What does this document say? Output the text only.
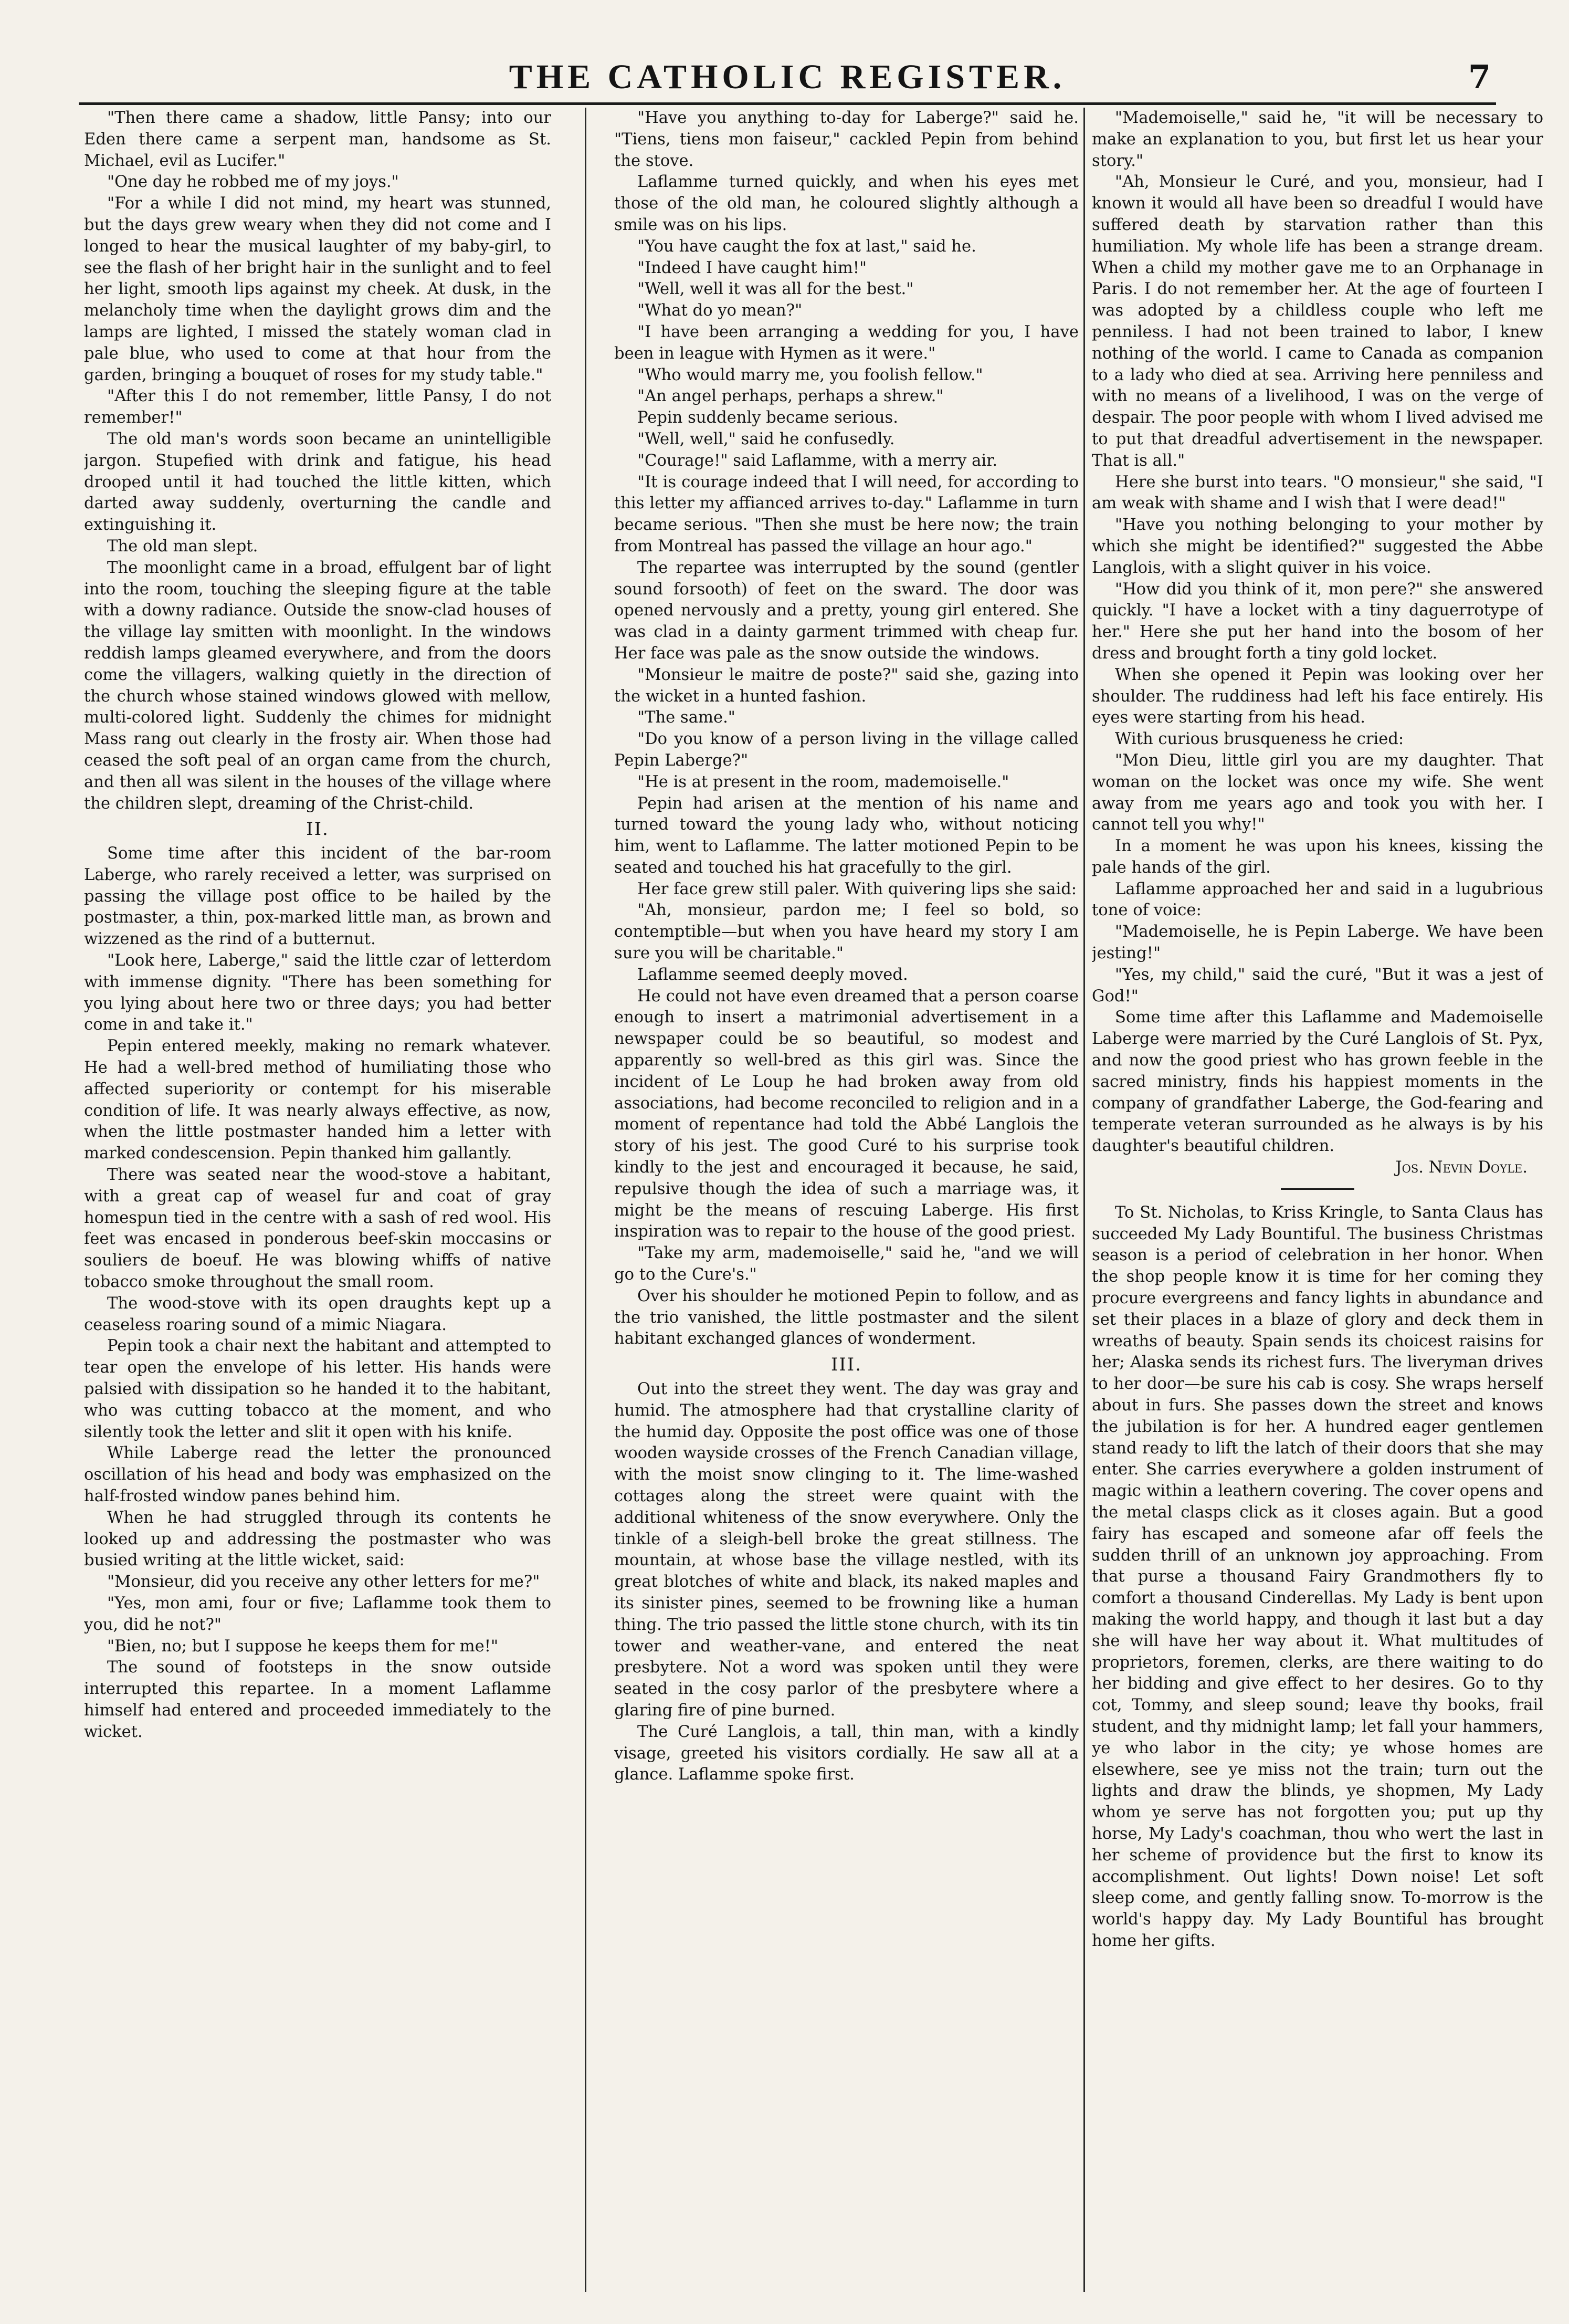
THE CATHOLIC REGISTER.	7

"Then there came a shadow, little Pansy; into our Eden there came a serpent man, handsome as St. Michael, evil as Lucifer."

"One day he robbed me of my joys."

"For a while I did not mind, my heart was stunned, but the days grew weary when they did not come and I longed to hear the musical laughter of my baby-girl, to see the flash of her bright hair in the sunlight and to feel her light, smooth lips against my cheek. At dusk, in the melancholy time when the daylight grows dim and the lamps are lighted, I missed the stately woman clad in pale blue, who used to come at that hour from the garden, bringing a bouquet of roses for my study table."

"After this I do not remember, little Pansy, I do not remember!"

The old man's words soon became an unintelligible jargon. Stupefied with drink and fatigue, his head drooped until it had touched the little kitten, which darted away suddenly, overturning the candle and extinguishing it.

The old man slept.

The moonlight came in a broad, effulgent bar of light into the room, touching the sleeping figure at the table with a downy radiance. Outside the snow-clad houses of the village lay smitten with moonlight. In the windows reddish lamps gleamed everywhere, and from the doors come the villagers, walking quietly in the direction of the church whose stained windows glowed with mellow, multi-colored light. Suddenly the chimes for midnight Mass rang out clearly in the frosty air. When those had ceased the soft peal of an organ came from the church, and then all was silent in the houses of the village where the children slept, dreaming of the Christ-child.

II.

Some time after this incident of the bar-room Laberge, who rarely received a letter, was surprised on passing the village post office to be hailed by the postmaster, a thin, pox-marked little man, as brown and wizzened as the rind of a butternut.

"Look here, Laberge," said the little czar of letterdom with immense dignity. "There has been something for you lying about here two or three days; you had better come in and take it."

Pepin entered meekly, making no remark whatever. He had a well-bred method of humiliating those who affected superiority or contempt for his miserable condition of life. It was nearly always effective, as now, when the little postmaster handed him a letter with marked condescension. Pepin thanked him gallantly.

There was seated near the wood-stove a habitant, with a great cap of weasel fur and coat of gray homespun tied in the centre with a sash of red wool. His feet was encased in ponderous beef-skin moccasins or souliers de boeuf. He was blowing whiffs of native tobacco smoke throughout the small room.

The wood-stove with its open draughts kept up a ceaseless roaring sound of a mimic Niagara.

Pepin took a chair next the habitant and attempted to tear open the envelope of his letter. His hands were palsied with dissipation so he handed it to the habitant, who was cutting tobacco at the moment, and who silently took the letter and slit it open with his knife.

While Laberge read the letter the pronounced oscillation of his head and body was emphasized on the half-frosted window panes behind him.

When he had struggled through its contents he looked up and addressing the postmaster who was busied writing at the little wicket, said:

"Monsieur, did you receive any other letters for me?"

"Yes, mon ami, four or five; Laflamme took them to you, did he not?"

"Bien, no; but I suppose he keeps them for me!"

The sound of footsteps in the snow outside interrupted this repartee. In a moment Laflamme himself had entered and proceeded immediately to the wicket.

"Have you anything to-day for Laberge?" said he. "Tiens, tiens mon faiseur," cackled Pepin from behind the stove.

Laflamme turned quickly, and when his eyes met those of the old man, he coloured slightly although a smile was on his lips.

"You have caught the fox at last," said he.

"Indeed I have caught him!"

"Well, well it was all for the best."

"What do yo mean?"

"I have been arranging a wedding for you, I have been in league with Hymen as it were."

"Who would marry me, you foolish fellow."

"An angel perhaps, perhaps a shrew."

Pepin suddenly became serious.

"Well, well," said he confusedly.

"Courage!" said Laflamme, with a merry air.

"It is courage indeed that I will need, for according to this letter my affianced arrives to-day." Laflamme in turn became serious. "Then she must be here now; the train from Montreal has passed the village an hour ago."

The repartee was interrupted by the sound (gentler sound forsooth) of feet on the sward. The door was opened nervously and a pretty, young girl entered. She was clad in a dainty garment trimmed with cheap fur. Her face was pale as the snow outside the windows.

"Monsieur le maitre de poste?" said she, gazing into the wicket in a hunted fashion.

"The same."

"Do you know of a person living in the village called Pepin Laberge?"

"He is at present in the room, mademoiselle."

Pepin had arisen at the mention of his name and turned toward the young lady who, without noticing him, went to Laflamme. The latter motioned Pepin to be seated and touched his hat gracefully to the girl.

Her face grew still paler. With quivering lips she said:

"Ah, monsieur, pardon me; I feel so bold, so contemptible—but when you have heard my story I am sure you will be charitable."

Laflamme seemed deeply moved.

He could not have even dreamed that a person coarse enough to insert a matrimonial advertisement in a newspaper could be so beautiful, so modest and apparently so well-bred as this girl was. Since the incident of Le Loup he had broken away from old associations, had become reconciled to religion and in a moment of repentance had told the Abbé Langlois the story of his jest. The good Curé to his surprise took kindly to the jest and encouraged it because, he said, repulsive though the idea of such a marriage was, it might be the means of rescuing Laberge. His first inspiration was to repair to the house of the good priest.

"Take my arm, mademoiselle," said he, "and we will go to the Cure's."

Over his shoulder he motioned Pepin to follow, and as the trio vanished, the little postmaster and the silent habitant exchanged glances of wonderment.

III.

Out into the street they went. The day was gray and humid. The atmosphere had that crystalline clarity of the humid day. Opposite the post office was one of those wooden wayside crosses of the French Canadian village, with the moist snow clinging to it. The lime-washed cottages along the street were quaint with the additional whiteness of the snow everywhere. Only the tinkle of a sleigh-bell broke the great stillness. The mountain, at whose base the village nestled, with its great blotches of white and black, its naked maples and its sinister pines, seemed to be frowning like a human thing. The trio passed the little stone church, with its tin tower and weather-vane, and entered the neat presbytere. Not a word was spoken until they were seated in the cosy parlor of the presbytere where a glaring fire of pine burned.

The Curé Langlois, a tall, thin man, with a kindly visage, greeted his visitors cordially. He saw all at a glance. Laflamme spoke first.

"Mademoiselle," said he, "it will be necessary to make an explanation to you, but first let us hear your story."

"Ah, Monsieur le Curé, and you, monsieur, had I known it would all have been so dreadful I would have suffered death by starvation rather than this humiliation. My whole life has been a strange dream. When a child my mother gave me to an Orphanage in Paris. I do not remember her. At the age of fourteen I was adopted by a childless couple who left me penniless. I had not been trained to labor, I knew nothing of the world. I came to Canada as companion to a lady who died at sea. Arriving here penniless and with no means of a livelihood, I was on the verge of despair. The poor people with whom I lived advised me to put that dreadful advertisement in the newspaper. That is all."

Here she burst into tears. "O monsieur," she said, "I am weak with shame and I wish that I were dead!"

"Have you nothing belonging to your mother by which she might be identified?" suggested the Abbe Langlois, with a slight quiver in his voice.

"How did you think of it, mon pere?" she answered quickly. "I have a locket with a tiny daguerrotype of her." Here she put her hand into the bosom of her dress and brought forth a tiny gold locket.

When she opened it Pepin was looking over her shoulder. The ruddiness had left his face entirely. His eyes were starting from his head.

With curious brusqueness he cried:

"Mon Dieu, little girl you are my daughter. That woman on the locket was once my wife. She went away from me years ago and took you with her. I cannot tell you why!"

In a moment he was upon his knees, kissing the pale hands of the girl.

Laflamme approached her and said in a lugubrious tone of voice:

"Mademoiselle, he is Pepin Laberge. We have been jesting!"

"Yes, my child," said the curé, "But it was a jest of God!"

Some time after this Laflamme and Mademoiselle Laberge were married by the Curé Langlois of St. Pyx, and now the good priest who has grown feeble in the sacred ministry, finds his happiest moments in the company of grandfather Laberge, the God-fearing and temperate veteran surrounded as he always is by his daughter's beautiful children.

Jos. Nevin Doyle.

To St. Nicholas, to Kriss Kringle, to Santa Claus has succeeded My Lady Bountiful. The business Christmas season is a period of celebration in her honor. When the shop people know it is time for her coming they procure evergreens and fancy lights in abundance and set their places in a blaze of glory and deck them in wreaths of beauty. Spain sends its choicest raisins for her; Alaska sends its richest furs. The liveryman drives to her door—be sure his cab is cosy. She wraps herself about in furs. She passes down the street and knows the jubilation is for her. A hundred eager gentlemen stand ready to lift the latch of their doors that she may enter. She carries everywhere a golden instrument of magic within a leathern covering. The cover opens and the metal clasps click as it closes again. But a good fairy has escaped and someone afar off feels the sudden thrill of an unknown joy approaching. From that purse a thousand Fairy Grandmothers fly to comfort a thousand Cinderellas. My Lady is bent upon making the world happy, and though it last but a day she will have her way about it. What multitudes of proprietors, foremen, clerks, are there waiting to do her bidding and give effect to her desires. Go to thy cot, Tommy, and sleep sound; leave thy books, frail student, and thy midnight lamp; let fall your hammers, ye who labor in the city; ye whose homes are elsewhere, see ye miss not the train; turn out the lights and draw the blinds, ye shopmen, My Lady whom ye serve has not forgotten you; put up thy horse, My Lady's coachman, thou who wert the last in her scheme of providence but the first to know its accomplishment. Out lights! Down noise! Let soft sleep come, and gently falling snow. To-morrow is the world's happy day. My Lady Bountiful has brought home her gifts.
